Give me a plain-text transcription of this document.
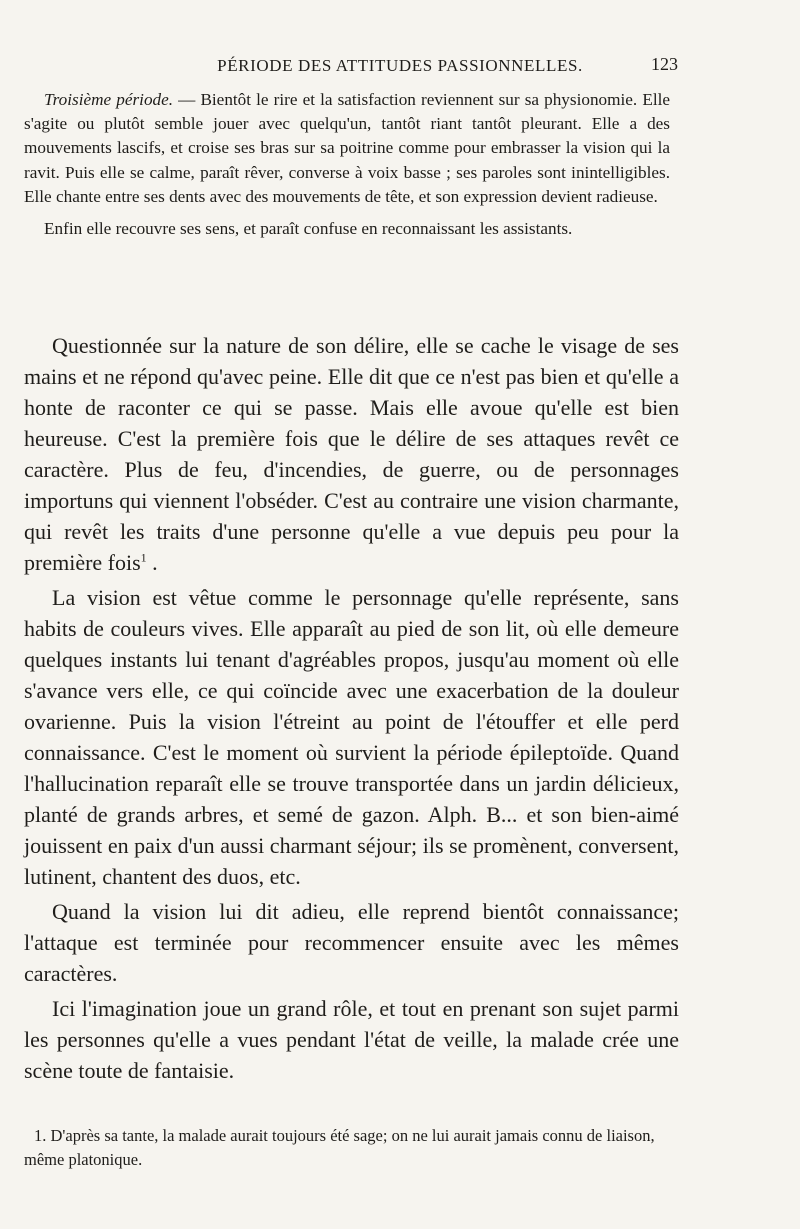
PÉRIODE DES ATTITUDES PASSIONNELLES.	123

Troisième période. — Bientôt le rire et la satisfaction reviennent sur sa physionomie. Elle s'agite ou plutôt semble jouer avec quelqu'un, tantôt riant tantôt pleurant. Elle a des mouvements lascifs, et croise ses bras sur sa poitrine comme pour embrasser la vision qui la ravit. Puis elle se calme, paraît rêver, converse à voix basse ; ses paroles sont inintelligibles. Elle chante entre ses dents avec des mouvements de tête, et son expression devient radieuse.

Enfin elle recouvre ses sens, et paraît confuse en reconnaissant les assistants.

Questionnée sur la nature de son délire, elle se cache le visage de ses mains et ne répond qu'avec peine. Elle dit que ce n'est pas bien et qu'elle a honte de raconter ce qui se passe. Mais elle avoue qu'elle est bien heureuse. C'est la première fois que le délire de ses attaques revêt ce caractère. Plus de feu, d'incendies, de guerre, ou de personnages importuns qui viennent l'obséder. C'est au contraire une vision charmante, qui revêt les traits d'une personne qu'elle a vue depuis peu pour la première fois$^1$ .

La vision est vêtue comme le personnage qu'elle représente, sans habits de couleurs vives. Elle apparaît au pied de son lit, où elle demeure quelques instants lui tenant d'agréables propos, jusqu'au moment où elle s'avance vers elle, ce qui coïncide avec une exacerbation de la douleur ovarienne. Puis la vision l'étreint au point de l'étouffer et elle perd connaissance. C'est le moment où survient la période épileptoïde. Quand l'hallucination reparaît elle se trouve transportée dans un jardin délicieux, planté de grands arbres, et semé de gazon. Alph. B... et son bien-aimé jouissent en paix d'un aussi charmant séjour; ils se promènent, conversent, lutinent, chantent des duos, etc.

Quand la vision lui dit adieu, elle reprend bientôt connaissance; l'attaque est terminée pour recommencer ensuite avec les mêmes caractères.

Ici l'imagination joue un grand rôle, et tout en prenant son sujet parmi les personnes qu'elle a vues pendant l'état de veille, la malade crée une scène toute de fantaisie.

1. D'après sa tante, la malade aurait toujours été sage; on ne lui aurait jamais connu de liaison, même platonique.
